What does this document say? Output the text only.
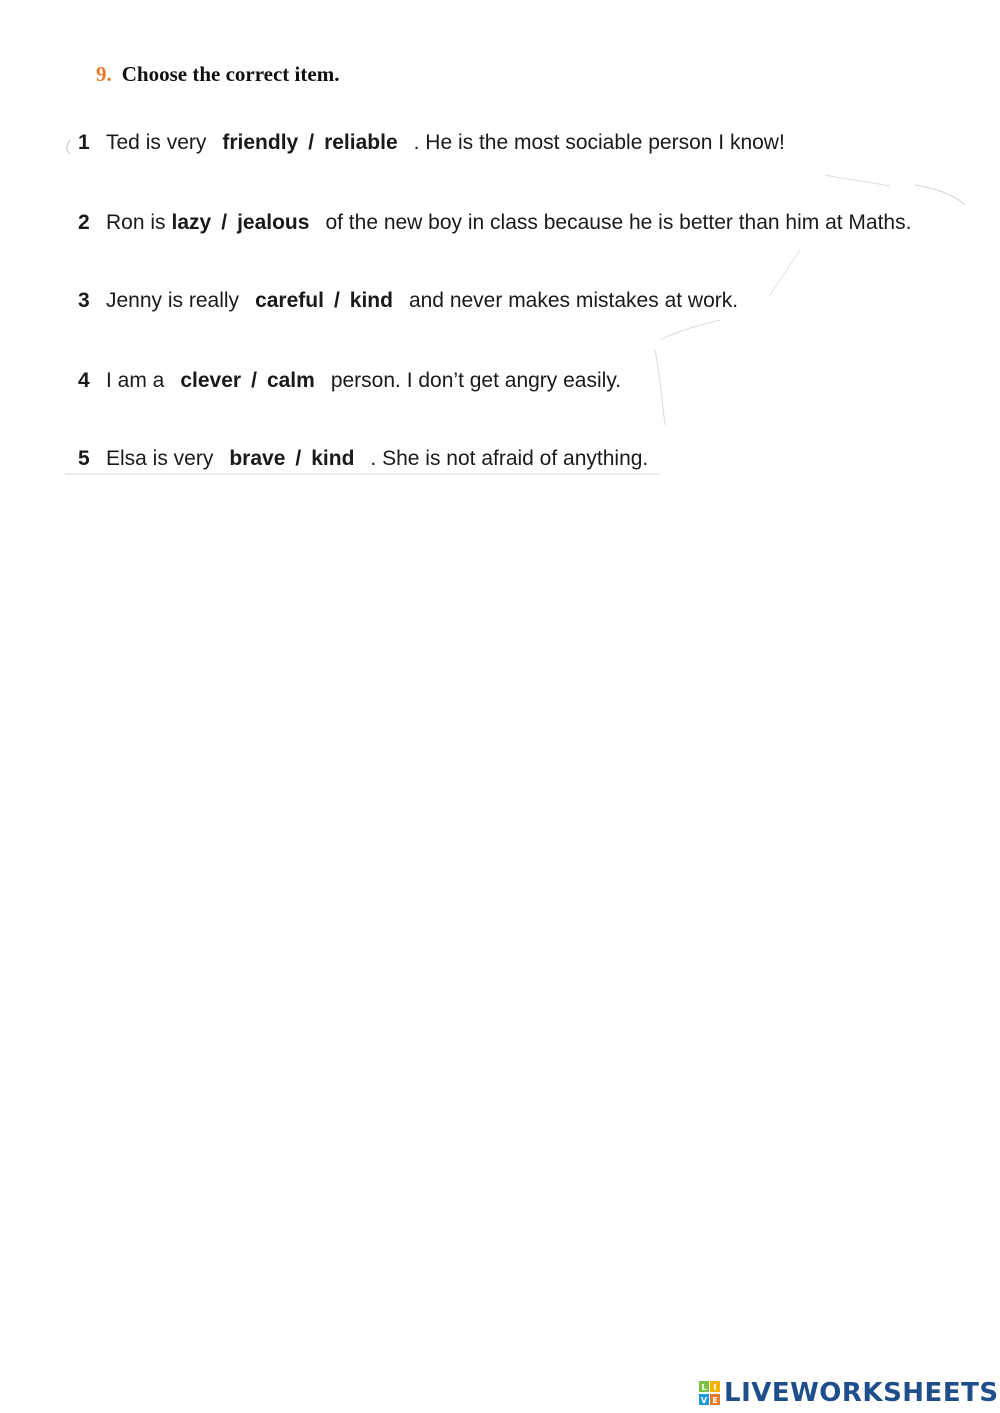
9. Choose the correct item.
1 Ted is very friendly / reliable . He is the most sociable person I know!
2 Ron is lazy / jealous of the new boy in class because he is better than him at Maths.
3 Jenny is really careful / kind and never makes mistakes at work.
4 I am a clever / calm person. I don’t get angry easily.
5 Elsa is very brave / kind . She is not afraid of anything.
L I
V E LIVEWORKSHEETS
